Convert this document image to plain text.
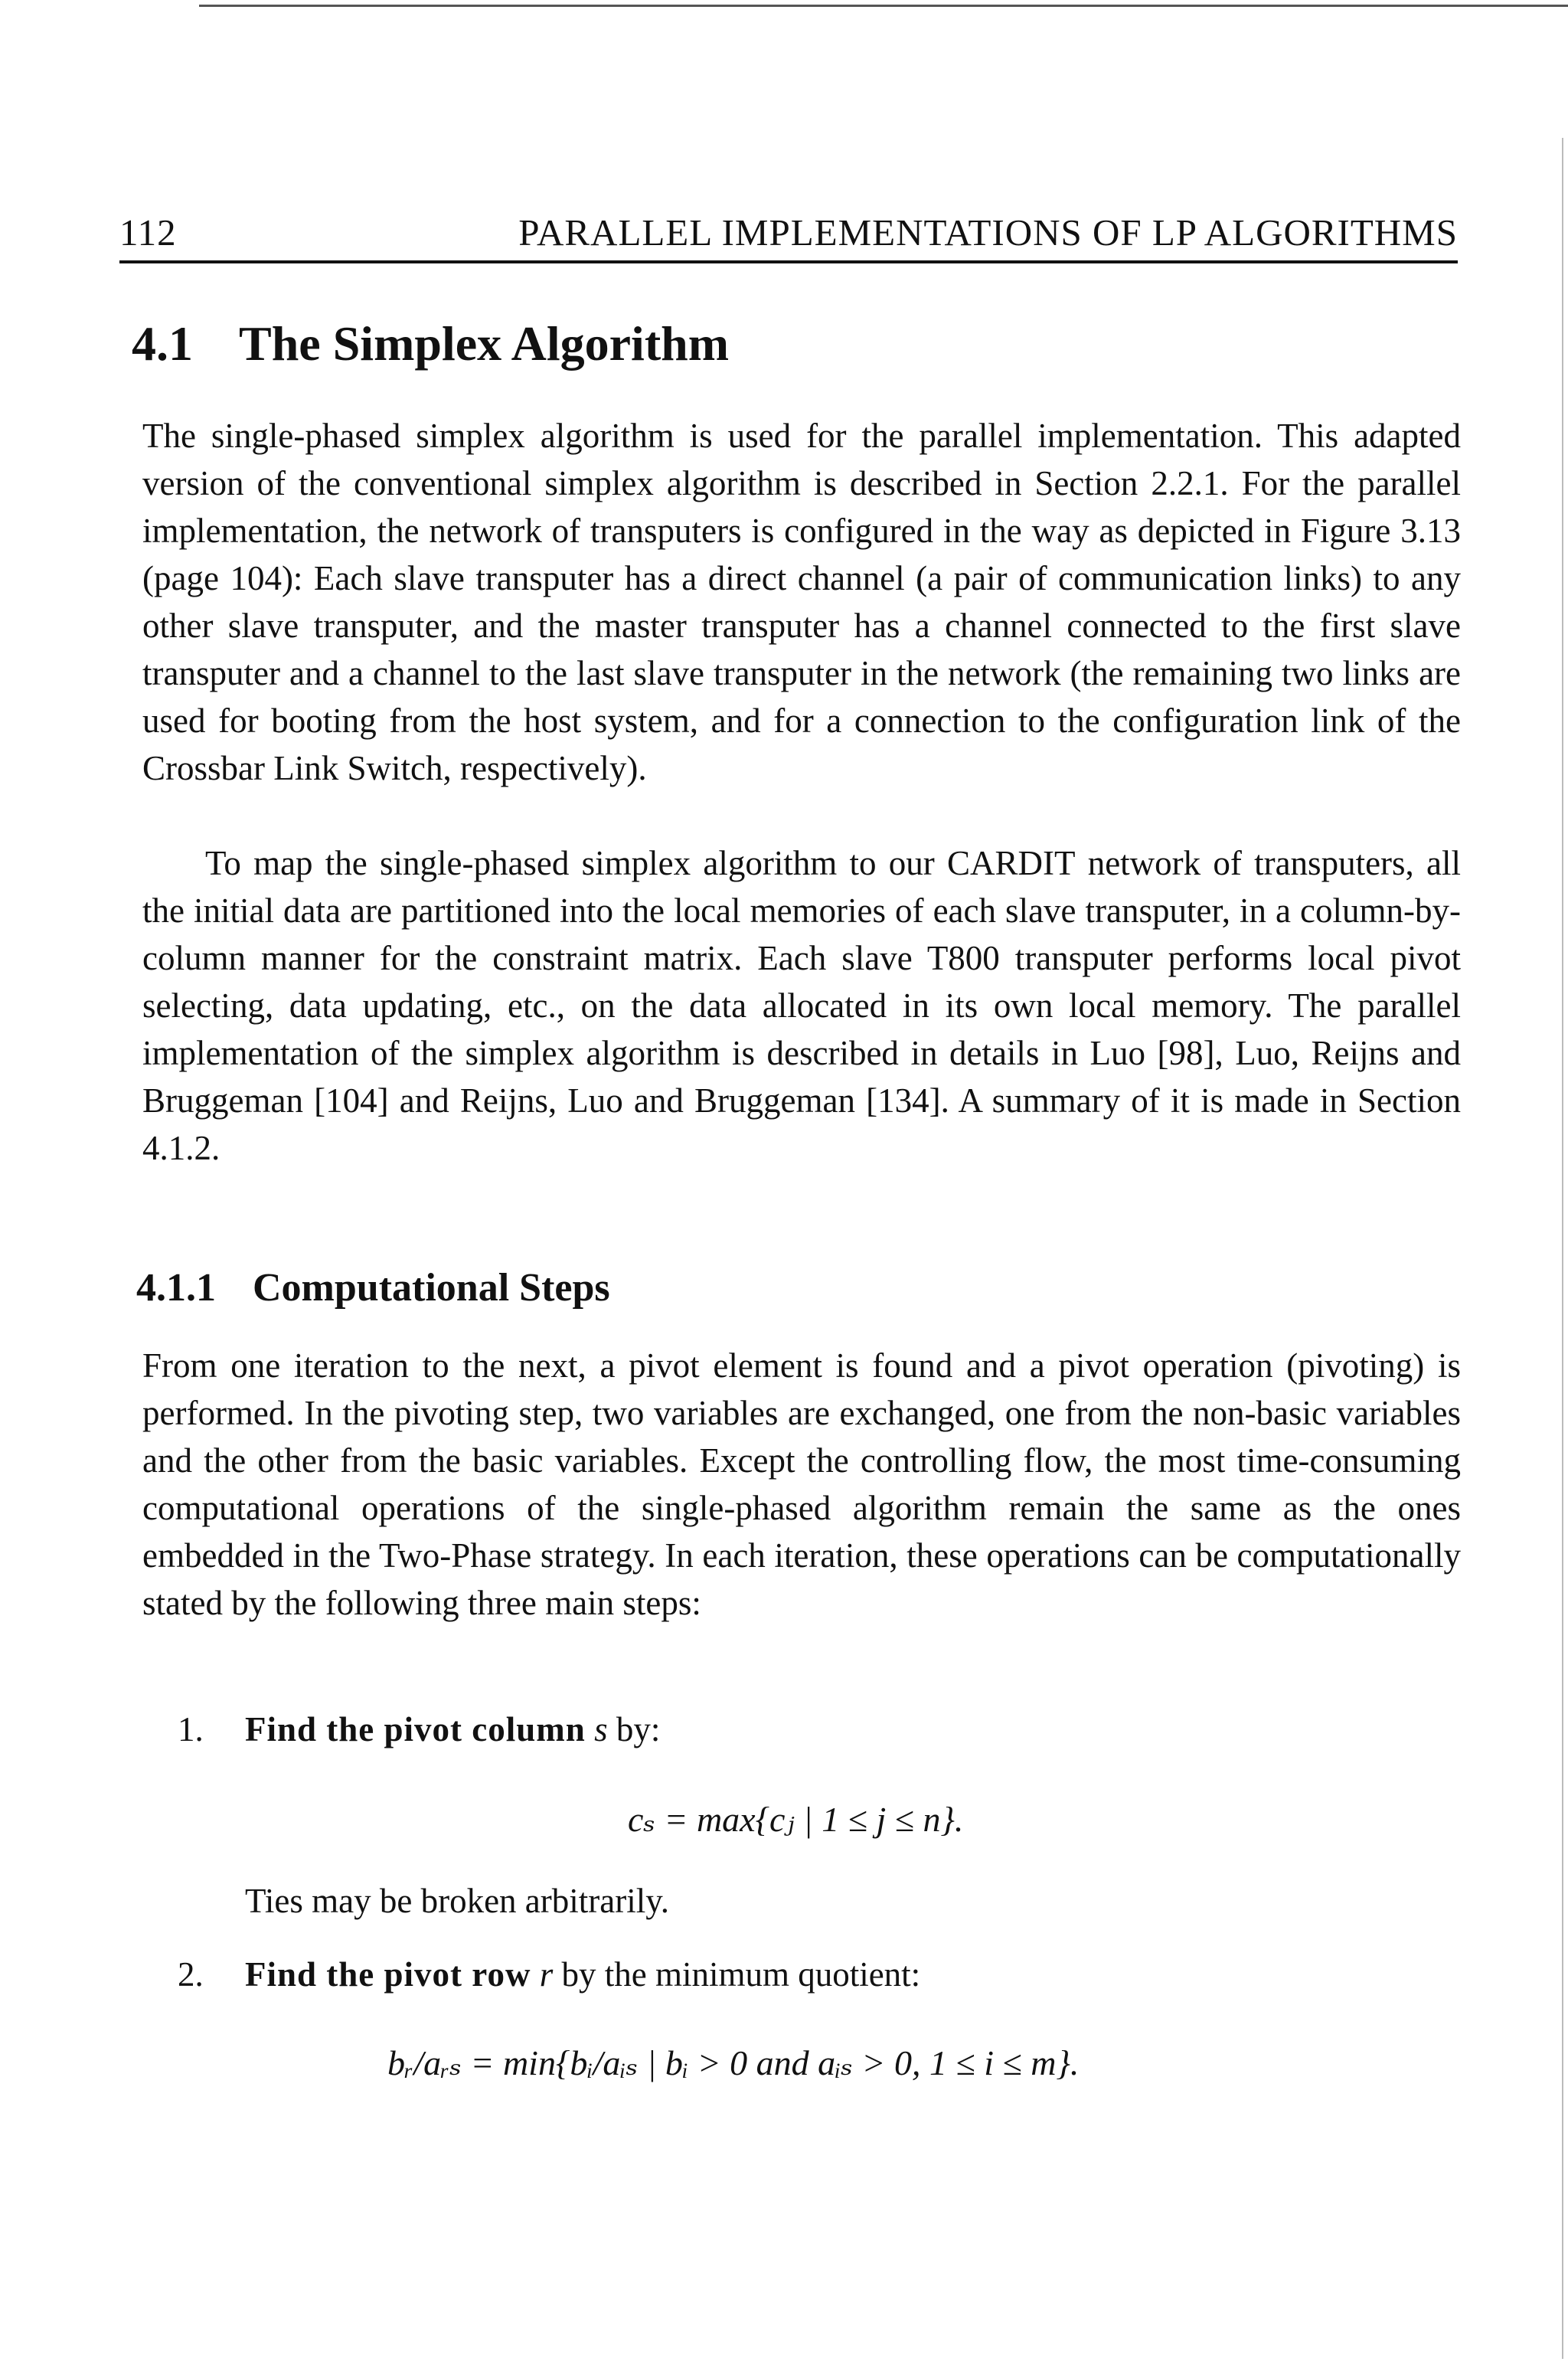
112	PARALLEL IMPLEMENTATIONS OF LP ALGORITHMS
4.1 The Simplex Algorithm

The single-phased simplex algorithm is used for the parallel implementation. This adapted version of the conventional simplex algorithm is described in Section 2.2.1. For the parallel implementation, the network of transputers is configured in the way as depicted in Figure 3.13 (page 104): Each slave transputer has a direct channel (a pair of communication links) to any other slave transputer, and the master transputer has a channel connected to the first slave transputer and a channel to the last slave transputer in the network (the remaining two links are used for booting from the host system, and for a connection to the configuration link of the Crossbar Link Switch, respectively).

To map the single-phased simplex algorithm to our CARDIT network of transputers, all the initial data are partitioned into the local memories of each slave transputer, in a column-by-column manner for the constraint matrix. Each slave T800 transputer performs local pivot selecting, data updating, etc., on the data allocated in its own local memory. The parallel implementation of the simplex algorithm is described in details in Luo [98], Luo, Reijns and Bruggeman [104] and Reijns, Luo and Bruggeman [134]. A summary of it is made in Section 4.1.2.

4.1.1 Computational Steps

From one iteration to the next, a pivot element is found and a pivot operation (pivoting) is performed. In the pivoting step, two variables are exchanged, one from the non-basic variables and the other from the basic variables. Except the controlling flow, the most time-consuming computational operations of the single-phased algorithm remain the same as the ones embedded in the Two-Phase strategy. In each iteration, these operations can be computationally stated by the following three main steps:

1. Find the pivot column s by:
cₛ = max{cⱼ | 1 ≤ j ≤ n}.
Ties may be broken arbitrarily.
2. Find the pivot row r by the minimum quotient:
bᵣ/aᵣₛ = min{bᵢ/aᵢₛ | bᵢ > 0 and aᵢₛ > 0, 1 ≤ i ≤ m}.
